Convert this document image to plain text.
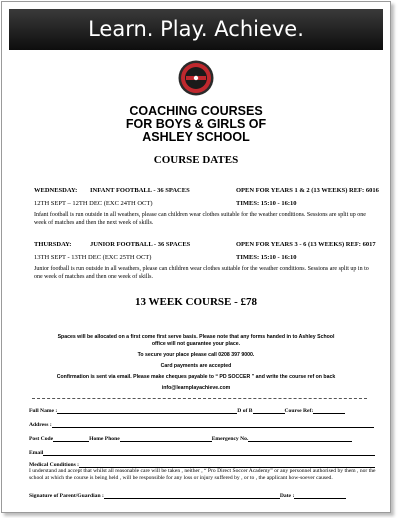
Learn. Play. Achieve.
COACHING COURSES
FOR BOYS & GIRLS OF
ASHLEY SCHOOL
COURSE DATES
WEDNESDAY: INFANT FOOTBALL - 36 SPACES	OPEN FOR YEARS 1 & 2 (13 WEEKS) REF: 6016
12TH SEPT – 12TH DEC (EXC 24TH OCT)	TIMES: 15:10 - 16:10
Infant football is run outside in all weathers, please can children wear clothes suitable for the weather conditions. Sessions are split up one week of matches and then the next week of skills.
THURSDAY:	JUNIOR FOOTBALL - 36 SPACES	OPEN FOR YEARS 3 - 6 (13 WEEKS) REF: 6017
13TH SEPT - 13TH DEC (EXC 25TH OCT)	TIMES: 15:10 - 16:10
Junior football is run outside in all weathers, please can children wear clothes suitable for the weather conditions. Sessions are split up in to one week of matches and then one week of skills.
13 WEEK COURSE - £78
Spaces will be allocated on a first come first serve basis. Please note that any forms handed in to Ashley School
office will not guarantee your place.
To secure your place please call 0208 397 9000.
Card payments are accepted
Confirmation is sent via email. Please make cheques payable to “ PD SOCCER ” and write the course ref on back
info@learnplayachieve.com
Full Name :	D of B	Course Ref:
Address :
Post Code	Home Phone	Emergency No.
Email
Medical Conditions :
I understand and accept that whilst all reasonable care will be taken , neither , “ Pro Direct Soccer Academy” or any personnel authorised by them , nor the school at which the course is being held , will be responsible for any loss or injury suffered by , or to , the applicant how-soever caused.
Signature of Parent/Guardian :	Date :
